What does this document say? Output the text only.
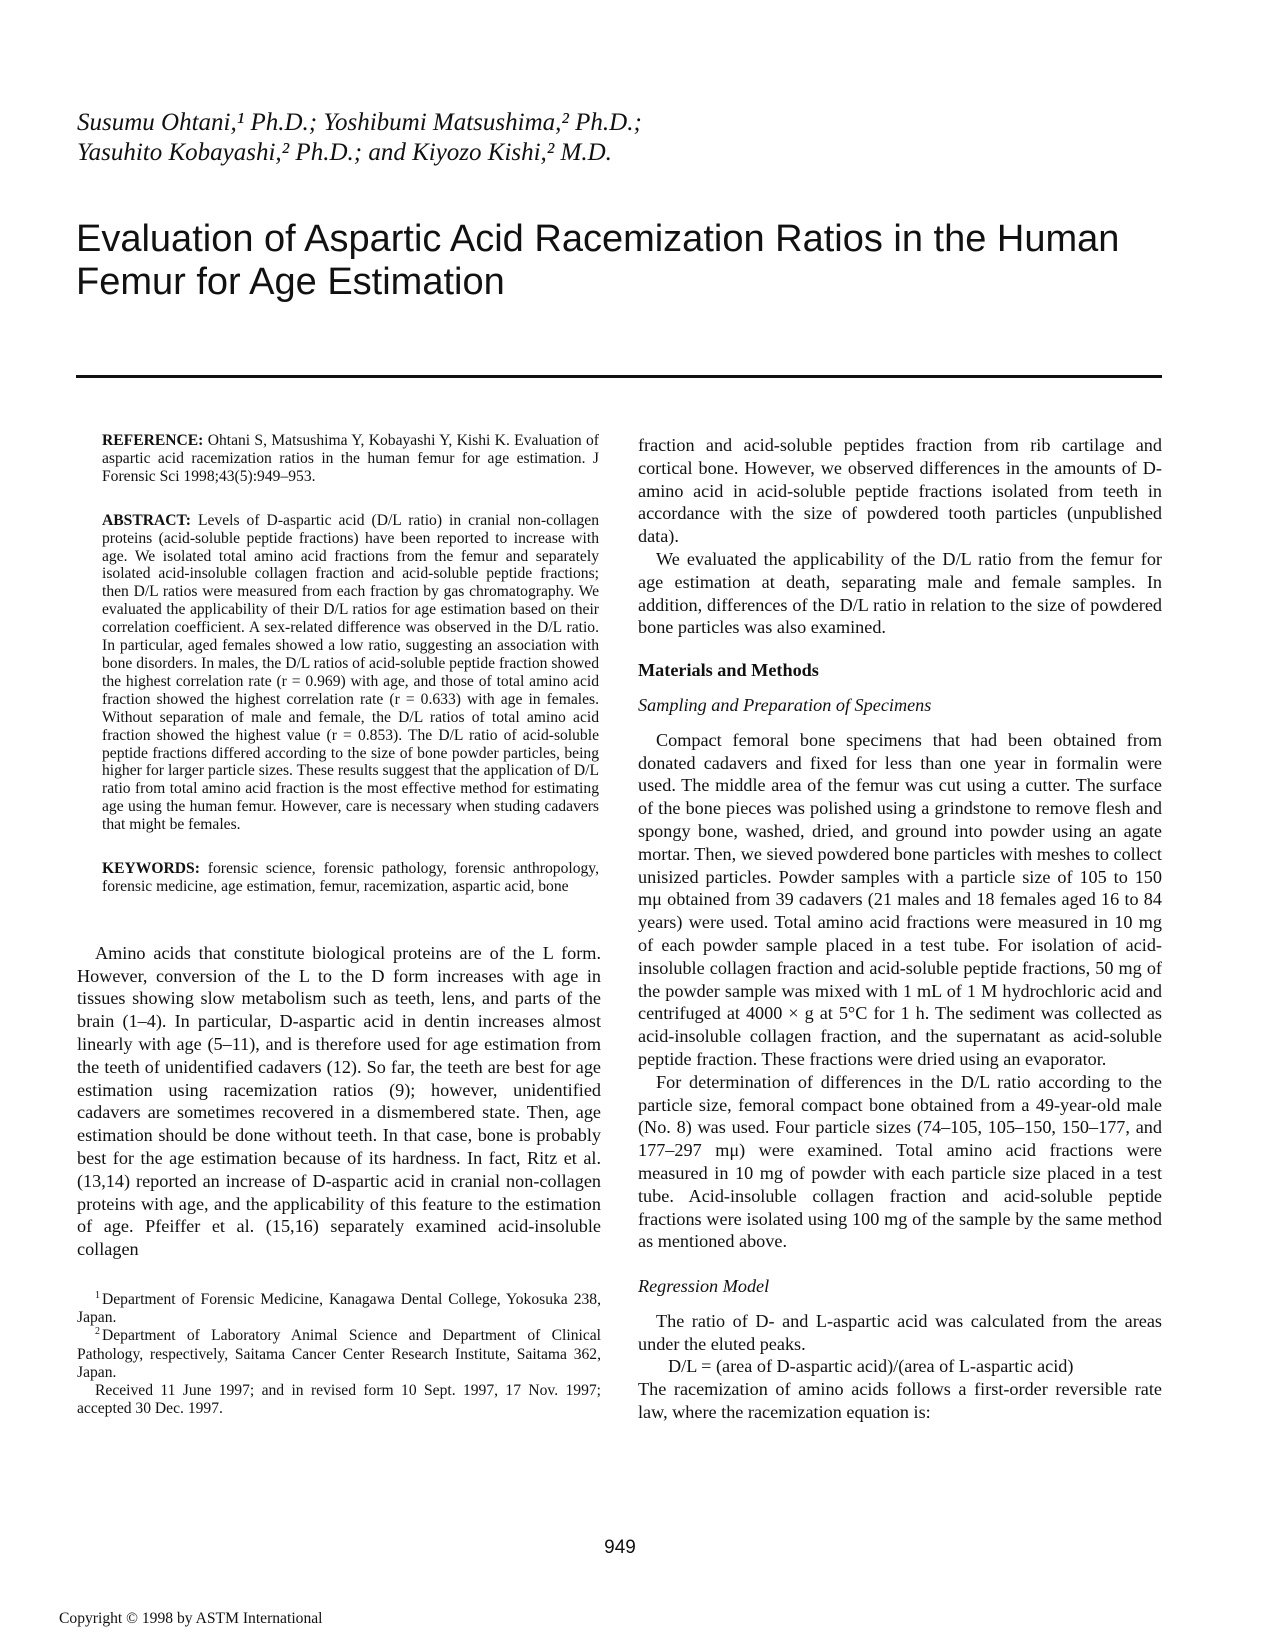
Susumu Ohtani,¹ Ph.D.; Yoshibumi Matsushima,² Ph.D.;
Yasuhito Kobayashi,² Ph.D.; and Kiyozo Kishi,² M.D.
Evaluation of Aspartic Acid Racemization Ratios in the Human Femur for Age Estimation

REFERENCE: Ohtani S, Matsushima Y, Kobayashi Y, Kishi K. Evaluation of aspartic acid racemization ratios in the human femur for age estimation. J Forensic Sci 1998;43(5):949–953.

ABSTRACT: Levels of D-aspartic acid (D/L ratio) in cranial non-collagen proteins (acid-soluble peptide fractions) have been reported to increase with age. We isolated total amino acid fractions from the femur and separately isolated acid-insoluble collagen fraction and acid-soluble peptide fractions; then D/L ratios were measured from each fraction by gas chromatography. We evaluated the applicability of their D/L ratios for age estimation based on their correlation coefficient. A sex-related difference was observed in the D/L ratio. In particular, aged females showed a low ratio, suggesting an association with bone disorders. In males, the D/L ratios of acid-soluble peptide fraction showed the highest correlation rate (r = 0.969) with age, and those of total amino acid fraction showed the highest correlation rate (r = 0.633) with age in females. Without separation of male and female, the D/L ratios of total amino acid fraction showed the highest value (r = 0.853). The D/L ratio of acid-soluble peptide fractions differed according to the size of bone powder particles, being higher for larger particle sizes. These results suggest that the application of D/L ratio from total amino acid fraction is the most effective method for estimating age using the human femur. However, care is necessary when studing cadavers that might be females.

KEYWORDS: forensic science, forensic pathology, forensic anthropology, forensic medicine, age estimation, femur, racemization, aspartic acid, bone

Amino acids that constitute biological proteins are of the L form. However, conversion of the L to the D form increases with age in tissues showing slow metabolism such as teeth, lens, and parts of the brain (1–4). In particular, D-aspartic acid in dentin increases almost linearly with age (5–11), and is therefore used for age estimation from the teeth of unidentified cadavers (12). So far, the teeth are best for age estimation using racemization ratios (9); however, unidentified cadavers are sometimes recovered in a dismembered state. Then, age estimation should be done without teeth. In that case, bone is probably best for the age estimation because of its hardness. In fact, Ritz et al. (13,14) reported an increase of D-aspartic acid in cranial non-collagen proteins with age, and the applicability of this feature to the estimation of age. Pfeiffer et al. (15,16) separately examined acid-insoluble collagen

$^1$ Department of Forensic Medicine, Kanagawa Dental College, Yokosuka 238, Japan.

$^2$ Department of Laboratory Animal Science and Department of Clinical Pathology, respectively, Saitama Cancer Center Research Institute, Saitama 362, Japan.

Received 11 June 1997; and in revised form 10 Sept. 1997, 17 Nov. 1997; accepted 30 Dec. 1997.

fraction and acid-soluble peptides fraction from rib cartilage and cortical bone. However, we observed differences in the amounts of D-amino acid in acid-soluble peptide fractions isolated from teeth in accordance with the size of powdered tooth particles (unpublished data).

We evaluated the applicability of the D/L ratio from the femur for age estimation at death, separating male and female samples. In addition, differences of the D/L ratio in relation to the size of powdered bone particles was also examined.

Materials and Methods
Sampling and Preparation of Specimens

Compact femoral bone specimens that had been obtained from donated cadavers and fixed for less than one year in formalin were used. The middle area of the femur was cut using a cutter. The surface of the bone pieces was polished using a grindstone to remove flesh and spongy bone, washed, dried, and ground into powder using an agate mortar. Then, we sieved powdered bone particles with meshes to collect unisized particles. Powder samples with a particle size of 105 to 150 mμ obtained from 39 cadavers (21 males and 18 females aged 16 to 84 years) were used. Total amino acid fractions were measured in 10 mg of each powder sample placed in a test tube. For isolation of acid-insoluble collagen fraction and acid-soluble peptide fractions, 50 mg of the powder sample was mixed with 1 mL of 1 M hydrochloric acid and centrifuged at 4000 × g at 5°C for 1 h. The sediment was collected as acid-insoluble collagen fraction, and the supernatant as acid-soluble peptide fraction. These fractions were dried using an evaporator.

For determination of differences in the D/L ratio according to the particle size, femoral compact bone obtained from a 49-year-old male (No. 8) was used. Four particle sizes (74–105, 105–150, 150–177, and 177–297 mμ) were examined. Total amino acid fractions were measured in 10 mg of powder with each particle size placed in a test tube. Acid-insoluble collagen fraction and acid-soluble peptide fractions were isolated using 100 mg of the sample by the same method as mentioned above.

Regression Model

The ratio of D- and L-aspartic acid was calculated from the areas under the eluted peaks.

D/L = (area of D-aspartic acid)/(area of L-aspartic acid)

The racemization of amino acids follows a first-order reversible rate law, where the racemization equation is:

949
Copyright © 1998 by ASTM International
